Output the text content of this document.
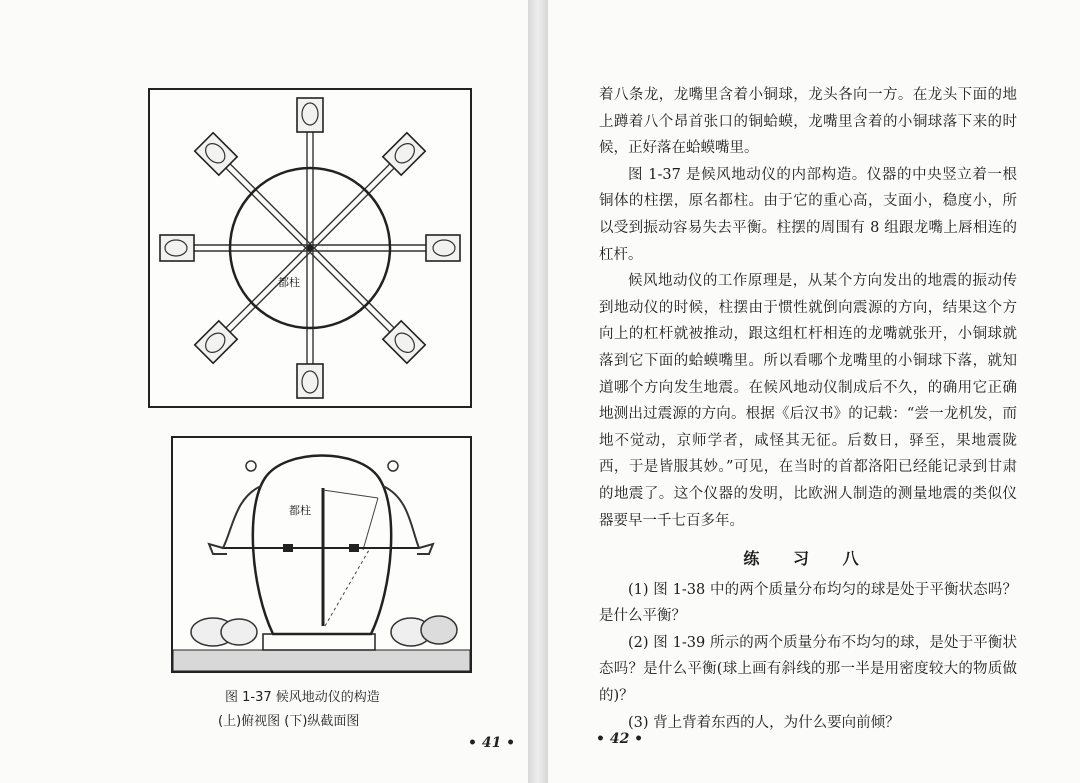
都柱
都柱
图 1-37 候风地动仪的构造
(上)俯视图 (下)纵截面图
• 41 •

着八条龙，龙嘴里含着小铜球，龙头各向一方。在龙头下面的地上蹲着八个昂首张口的铜蛤蟆，龙嘴里含着的小铜球落下来的时候，正好落在蛤蟆嘴里。

图 1-37 是候风地动仪的内部构造。仪器的中央竖立着一根铜体的柱摆，原名都柱。由于它的重心高，支面小，稳度小，所以受到振动容易失去平衡。柱摆的周围有 8 组跟龙嘴上唇相连的杠杆。

候风地动仪的工作原理是，从某个方向发出的地震的振动传到地动仪的时候，柱摆由于惯性就倒向震源的方向，结果这个方向上的杠杆就被推动，跟这组杠杆相连的龙嘴就张开，小铜球就落到它下面的蛤蟆嘴里。所以看哪个龙嘴里的小铜球下落，就知道哪个方向发生地震。在候风地动仪制成后不久，的确用它正确地测出过震源的方向。根据《后汉书》的记载：“尝一龙机发，而地不觉动，京师学者，咸怪其无征。后数日，驿至，果地震陇西，于是皆服其妙。”可见，在当时的首都洛阳已经能记录到甘肃的地震了。这个仪器的发明，比欧洲人制造的测量地震的类似仪器要早一千七百多年。

练 习 八

(1) 图 1-38 中的两个质量分布均匀的球是处于平衡状态吗？是什么平衡？

(2) 图 1-39 所示的两个质量分布不均匀的球，是处于平衡状态吗？是什么平衡(球上画有斜线的那一半是用密度较大的物质做的)？

(3) 背上背着东西的人，为什么要向前倾？

• 42 •
